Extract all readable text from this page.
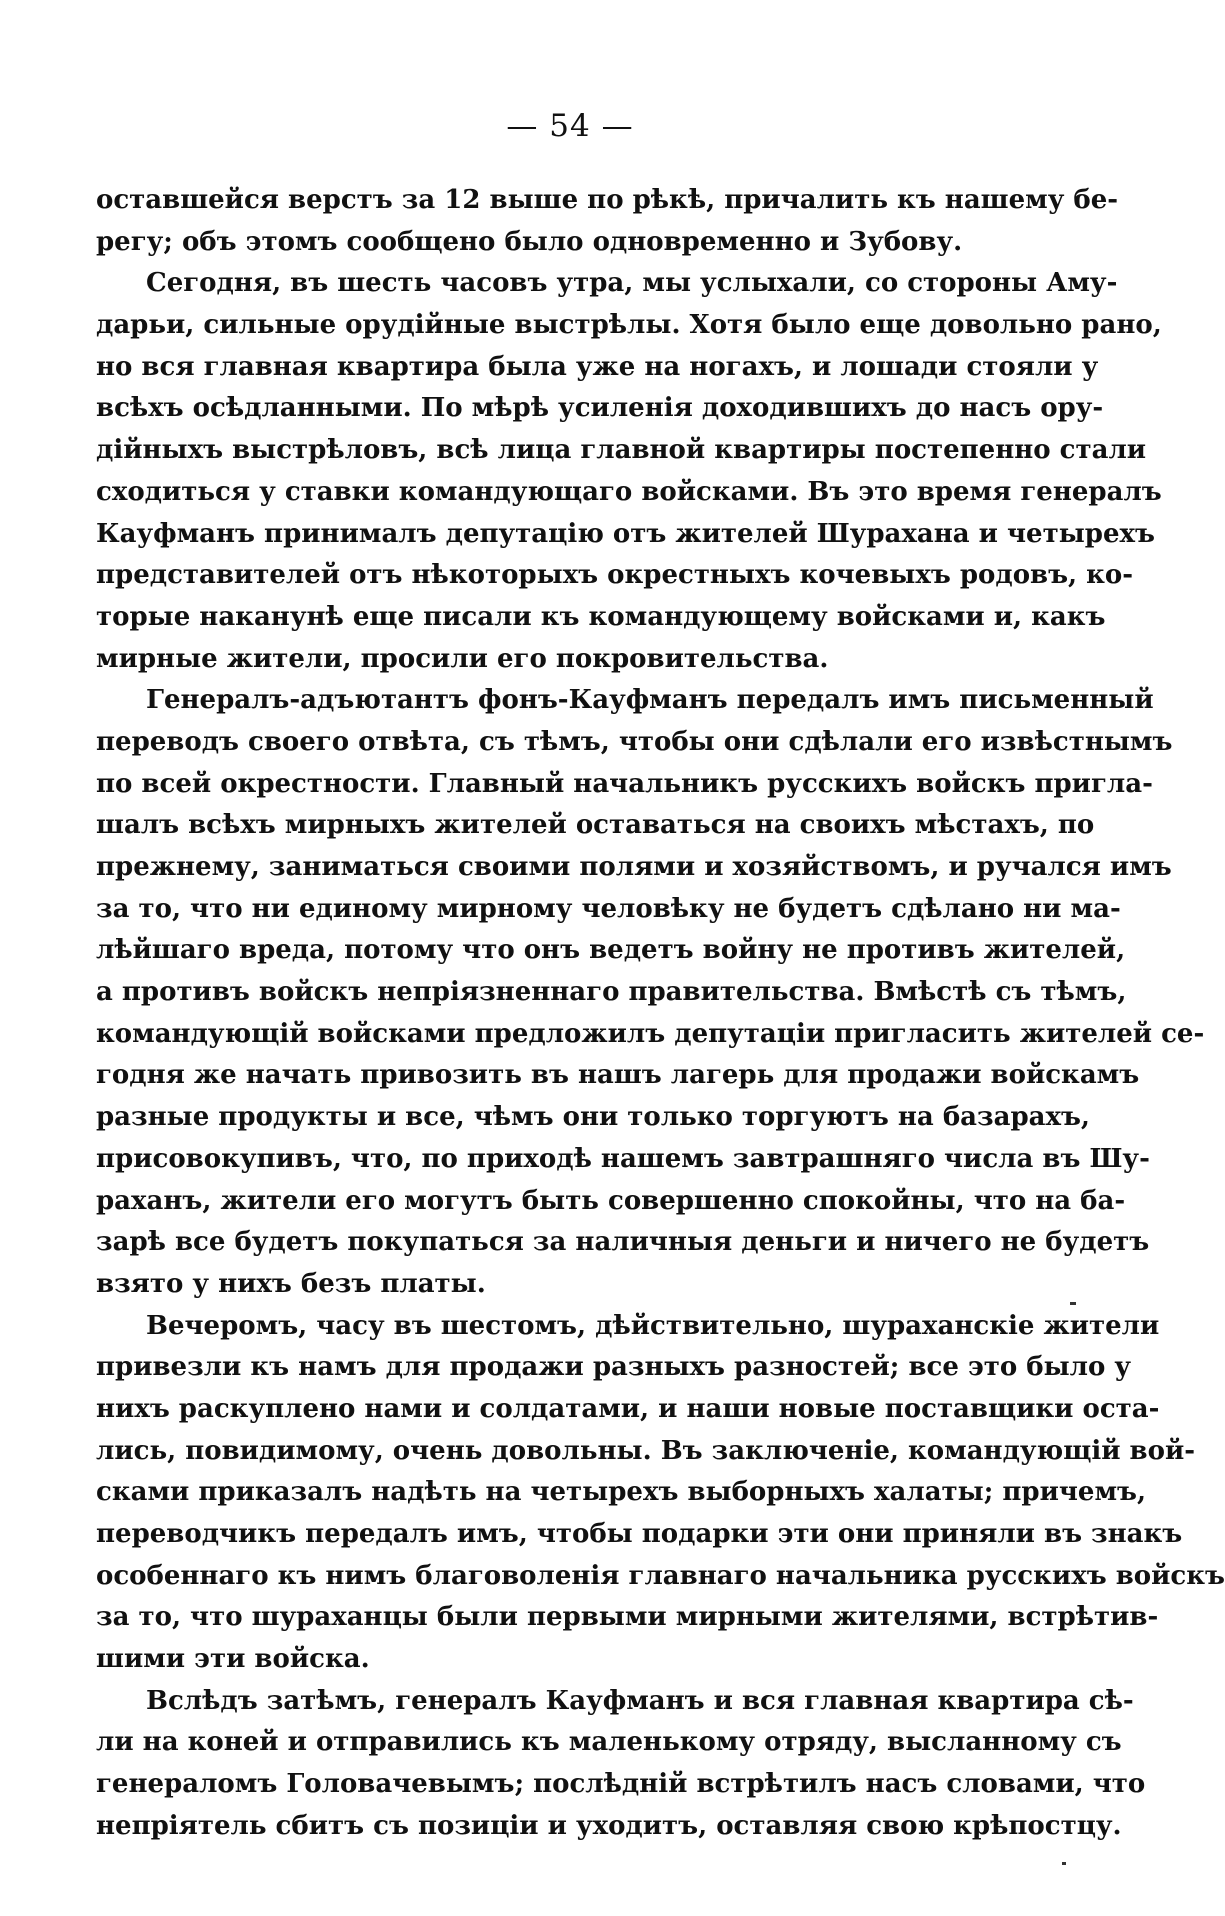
— 54 —
оставшейся верстъ за 12 выше по рѣкѣ, причалить къ нашему бе-
регу; объ этомъ сообщено было одновременно и Зубову.
Сегодня, въ шесть часовъ утра, мы услыхали, со стороны Аму-
дарьи, сильные орудійные выстрѣлы. Хотя было еще довольно рано,
но вся главная квартира была уже на ногахъ, и лошади стояли у
всѣхъ осѣдланными. По мѣрѣ усиленія доходившихъ до насъ ору-
дійныхъ выстрѣловъ, всѣ лица главной квартиры постепенно стали
сходиться у ставки командующаго войсками. Въ это время генералъ
Кауфманъ принималъ депутацію отъ жителей Шурахана и четырехъ
представителей отъ нѣкоторыхъ окрестныхъ кочевыхъ родовъ, ко-
торые наканунѣ еще писали къ командующему войсками и, какъ
мирные жители, просили его покровительства.
Генералъ-адъютантъ фонъ-Кауфманъ передалъ имъ письменный
переводъ своего отвѣта, съ тѣмъ, чтобы они сдѣлали его извѣстнымъ
по всей окрестности. Главный начальникъ русскихъ войскъ пригла-
шалъ всѣхъ мирныхъ жителей оставаться на своихъ мѣстахъ, по
прежнему, заниматься своими полями и хозяйствомъ, и ручался имъ
за то, что ни единому мирному человѣку не будетъ сдѣлано ни ма-
лѣйшаго вреда, потому что онъ ведетъ войну не противъ жителей,
а противъ войскъ непріязненнаго правительства. Вмѣстѣ съ тѣмъ,
командующій войсками предложилъ депутаціи пригласить жителей се-
годня же начать привозить въ нашъ лагерь для продажи войскамъ
разные продукты и все, чѣмъ они только торгуютъ на базарахъ,
присовокупивъ, что, по приходѣ нашемъ завтрашняго числа въ Шу-
раханъ, жители его могутъ быть совершенно спокойны, что на ба-
зарѣ все будетъ покупаться за наличныя деньги и ничего не будетъ
взято у нихъ безъ платы.
Вечеромъ, часу въ шестомъ, дѣйствительно, шураханскіе жители
привезли къ намъ для продажи разныхъ разностей; все это было у
нихъ раскуплено нами и солдатами, и наши новые поставщики оста-
лись, повидимому, очень довольны. Въ заключеніе, командующій вой-
сками приказалъ надѣть на четырехъ выборныхъ халаты; причемъ,
переводчикъ передалъ имъ, чтобы подарки эти они приняли въ знакъ
особеннаго къ нимъ благоволенія главнаго начальника русскихъ войскъ
за то, что шураханцы были первыми мирными жителями, встрѣтив-
шими эти войска.
Вслѣдъ затѣмъ, генералъ Кауфманъ и вся главная квартира сѣ-
ли на коней и отправились къ маленькому отряду, высланному съ
генераломъ Головачевымъ; послѣдній встрѣтилъ насъ словами, что
непріятель сбитъ съ позиціи и уходитъ, оставляя свою крѣпостцу.
